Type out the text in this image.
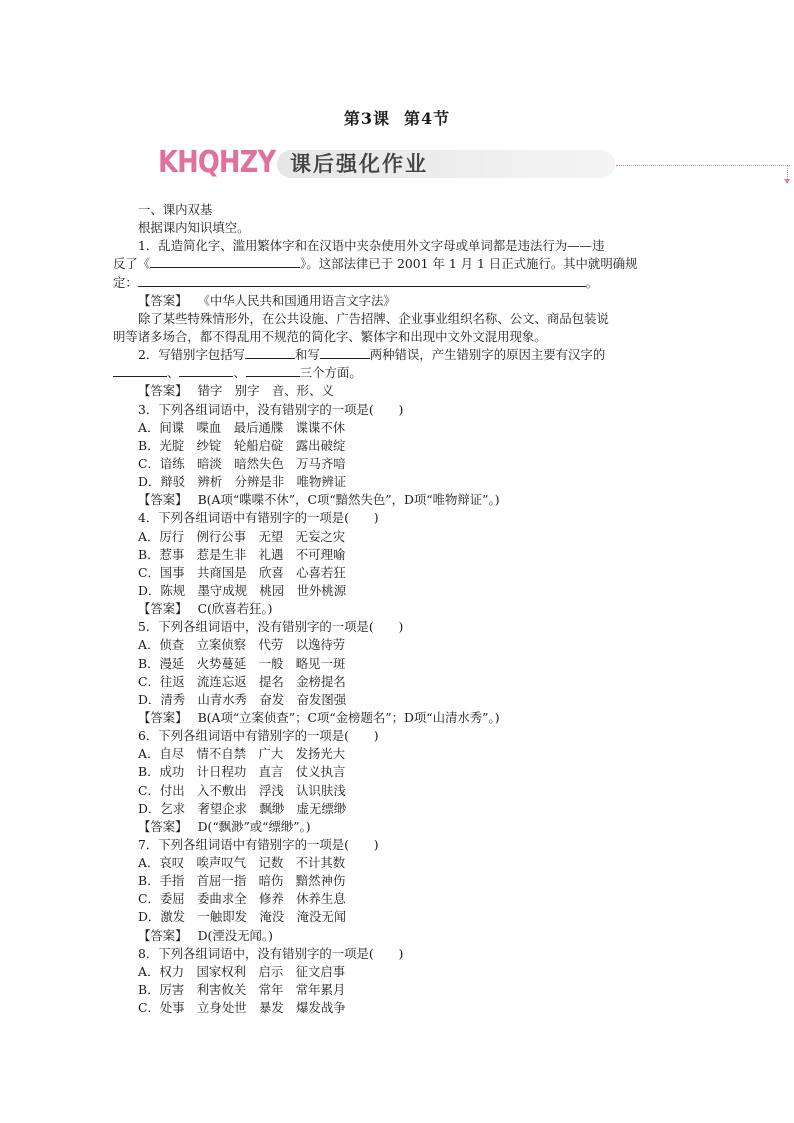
第3课 第4节
KHQHZY 课后强化作业
一、课内双基
根据课内知识填空。
1．乱造简化字、滥用繁体字和在汉语中夹杂使用外文字母或单词都是违法行为——违
反了《	》。这部法律已于 2001 年 1 月 1 日正式施行。其中就明确规
定：	。
【答案】 《中华人民共和国通用语言文字法》
除了某些特殊情形外，在公共设施、广告招牌、企业事业组织名称、公文、商品包装说
明等诸多场合，都不得乱用不规范的简化字、繁体字和出现中文外文混用现象。
2．写错别字包括写	和写	两种错误，产生错别字的原因主要有汉字的
、	、	三个方面。
【答案】 错字　别字　音、形、义
3．下列各组词语中，没有错别字的一项是(　　)
A．间谍　喋血　最后通牒　谍谍不休
B．光腚　纱锭　轮船启碇　露出破绽
C．谙练　暗淡　暗然失色　万马齐喑
D．辩驳　辨析　分辨是非　唯物辨证
【答案】 B(A项“喋喋不休”，C项“黯然失色”，D项“唯物辩证”。)
4．下列各组词语中有错别字的一项是(　　)
A．厉行　例行公事　无望　无妄之灾
B．惹事　惹是生非　礼遇　不可理喻
C．国事　共商国是　欣喜　心喜若狂
D．陈规　墨守成规　桃园　世外桃源
【答案】 C(欣喜若狂。)
5．下列各组词语中，没有错别字的一项是(　　)
A．侦查　立案侦察　代劳　以逸待劳
B．漫延　火势蔓延　一般　略见一斑
C．往返　流连忘返　提名　金榜提名
D．清秀　山青水秀　奋发　奋发图强
【答案】 B(A项“立案侦查”；C项“金榜题名”；D项“山清水秀”。)
6．下列各组词语中有错别字的一项是(　　)
A．自尽　情不自禁　广大　发扬光大
B．成功　计日程功　直言　仗义执言
C．付出　入不敷出　浮浅　认识肤浅
D．乞求　奢望企求　飘缈　虚无缥缈
【答案】 D(“飘渺”或“缥缈”。)
7．下列各组词语中有错别字的一项是(　　)
A．哀叹　唉声叹气　记数　不计其数
B．手指　首屈一指　暗伤　黯然神伤
C．委屈　委曲求全　修养　休养生息
D．激发　一触即发　淹没　淹没无闻
【答案】 D(湮没无闻。)
8．下列各组词语中，没有错别字的一项是(　　)
A．权力　国家权利　启示　征文启事
B．厉害　利害攸关　常年　常年累月
C．处事　立身处世　暴发　爆发战争
